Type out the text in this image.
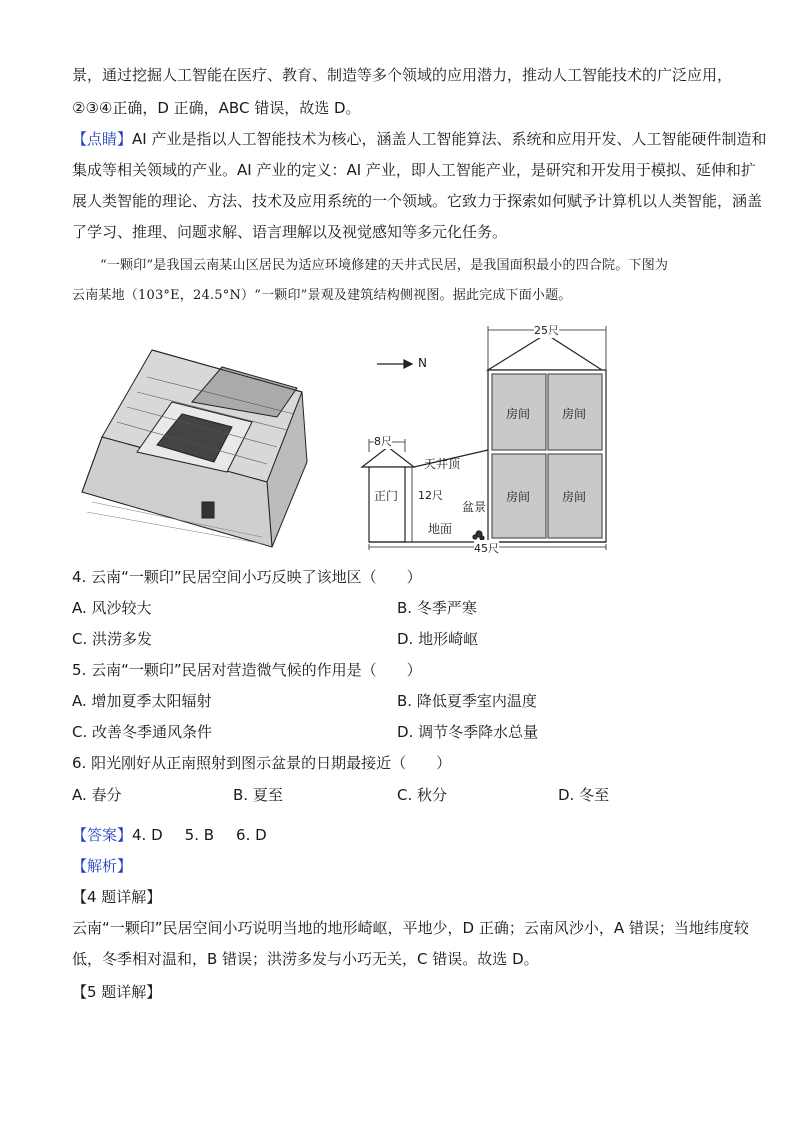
景，通过挖掘人工智能在医疗、教育、制造等多个领域的应用潜力，推动人工智能技术的广泛应用，
②③④正确，D 正确，ABC 错误，故选 D。
【点睛】AI 产业是指以人工智能技术为核心，涵盖人工智能算法、系统和应用开发、人工智能硬件制造和
集成等相关领域的产业。AI 产业的定义：AI 产业，即人工智能产业，是研究和开发用于模拟、延伸和扩
展人类智能的理论、方法、技术及应用系统的一个领域。它致力于探索如何赋予计算机以人类智能，涵盖
了学习、推理、问题求解、语言理解以及视觉感知等多元化任务。
“一颗印”是我国云南某山区居民为适应环境修建的天井式民居，是我国面积最小的四合院。下图为
云南某地（103°E，24.5°N）“一颗印”景观及建筑结构侧视图。据此完成下面小题。
N
25尺
8尺
12尺
45尺
天井顶
正门
盆景
地面
房间	房间
房间	房间
4. 云南“一颗印”民居空间小巧反映了该地区（　　）
A. 风沙较大	B. 冬季严寒
C. 洪涝多发	D. 地形崎岖
5. 云南“一颗印”民居对营造微气候的作用是（　　）
A. 增加夏季太阳辐射	B. 降低夏季室内温度
C. 改善冬季通风条件	D. 调节冬季降水总量
6. 阳光刚好从正南照射到图示盆景的日期最接近（　　）
A. 春分	B. 夏至	C. 秋分	D. 冬至
【答案】4. D 5. B 6. D
【解析】
【4 题详解】
云南“一颗印”民居空间小巧说明当地的地形崎岖，平地少，D 正确；云南风沙小，A 错误；当地纬度较
低，冬季相对温和，B 错误；洪涝多发与小巧无关，C 错误。故选 D。
【5 题详解】
